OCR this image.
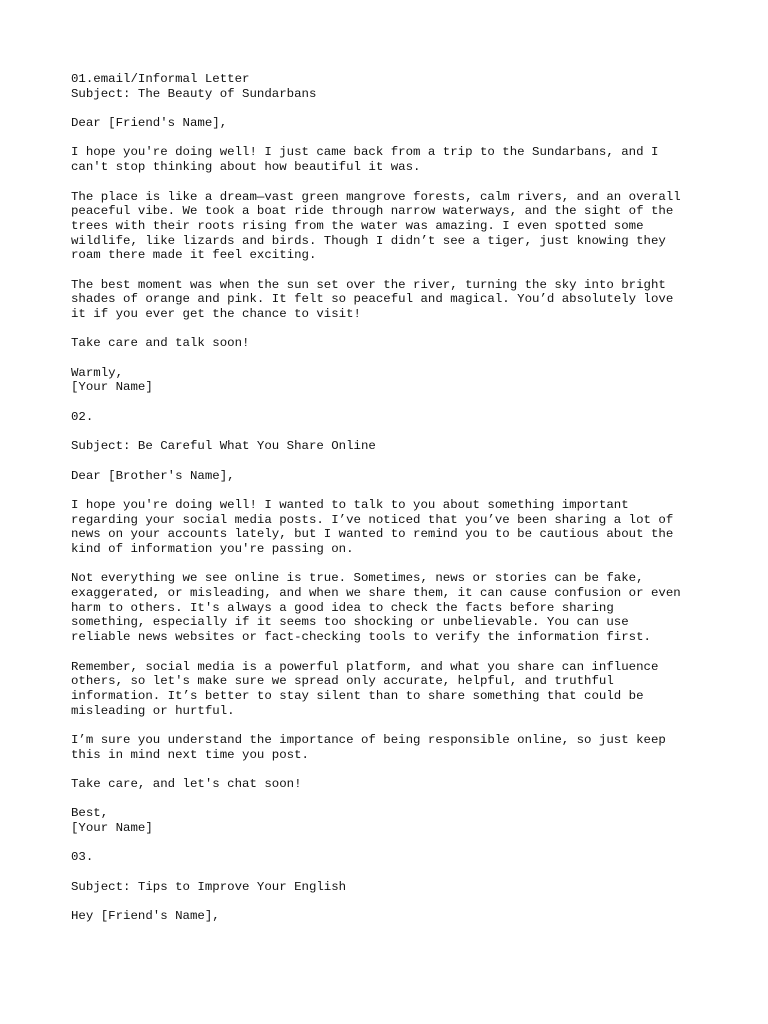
01.email/Informal Letter
Subject: The Beauty of Sundarbans
Dear [Friend's Name],
I hope you're doing well! I just came back from a trip to the Sundarbans, and I
can't stop thinking about how beautiful it was.
The place is like a dream—vast green mangrove forests, calm rivers, and an overall
peaceful vibe. We took a boat ride through narrow waterways, and the sight of the
trees with their roots rising from the water was amazing. I even spotted some
wildlife, like lizards and birds. Though I didn’t see a tiger, just knowing they
roam there made it feel exciting.
The best moment was when the sun set over the river, turning the sky into bright
shades of orange and pink. It felt so peaceful and magical. You’d absolutely love
it if you ever get the chance to visit!
Take care and talk soon!
Warmly,
[Your Name]
02.
Subject: Be Careful What You Share Online
Dear [Brother's Name],
I hope you're doing well! I wanted to talk to you about something important
regarding your social media posts. I’ve noticed that you’ve been sharing a lot of
news on your accounts lately, but I wanted to remind you to be cautious about the
kind of information you're passing on.
Not everything we see online is true. Sometimes, news or stories can be fake,
exaggerated, or misleading, and when we share them, it can cause confusion or even
harm to others. It's always a good idea to check the facts before sharing
something, especially if it seems too shocking or unbelievable. You can use
reliable news websites or fact-checking tools to verify the information first.
Remember, social media is a powerful platform, and what you share can influence
others, so let's make sure we spread only accurate, helpful, and truthful
information. It’s better to stay silent than to share something that could be
misleading or hurtful.
I’m sure you understand the importance of being responsible online, so just keep
this in mind next time you post.
Take care, and let's chat soon!
Best,
[Your Name]
03.
Subject: Tips to Improve Your English
Hey [Friend's Name],
